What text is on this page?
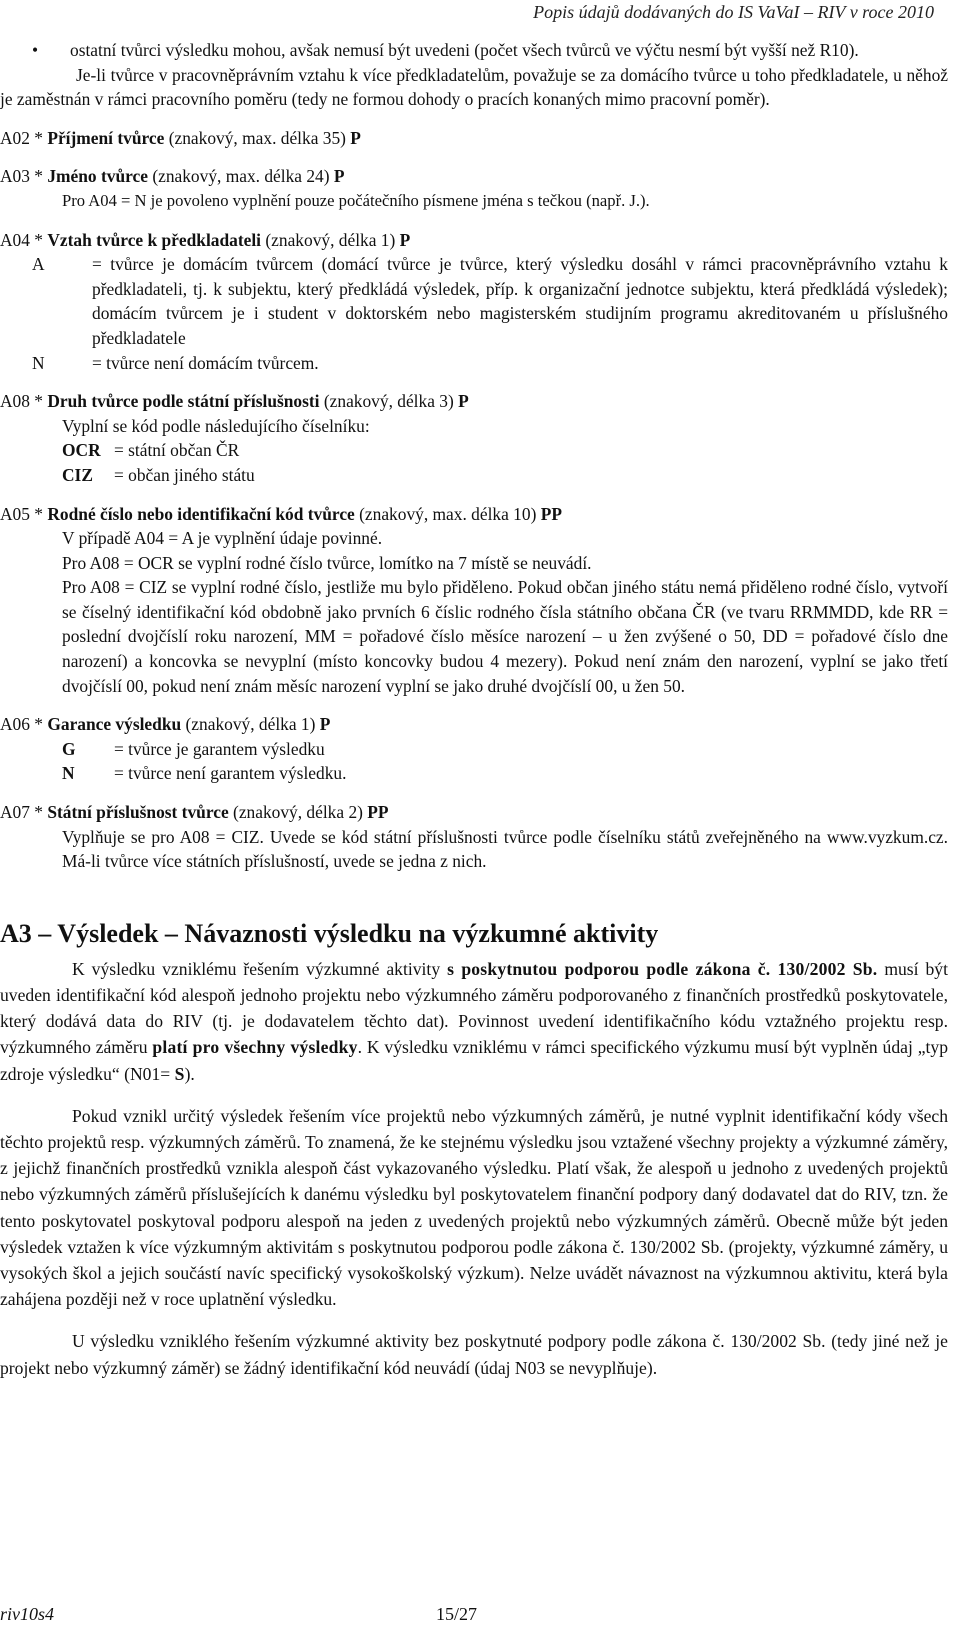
Popis údajů dodávaných do IS VaVaI – RIV v roce 2010
•	ostatní tvůrci výsledku mohou, avšak nemusí být uvedeni (počet všech tvůrců ve výčtu nesmí být vyšší než R10).

Je-li tvůrce v pracovněprávním vztahu k více předkladatelům, považuje se za domácího tvůrce u toho předkladatele, u něhož je zaměstnán v rámci pracovního poměru (tedy ne formou dohody o pracích konaných mimo pracovní poměr).

A02 * Příjmení tvůrce (znakový, max. délka 35) P

A03 * Jméno tvůrce (znakový, max. délka 24) P

Pro A04 = N je povoleno vyplnění pouze počátečního písmene jména s tečkou (např. J.).

A04 * Vztah tvůrce k předkladateli (znakový, délka 1) P

A	= tvůrce je domácím tvůrcem (domácí tvůrce je tvůrce, který výsledku dosáhl v rámci pracovněprávního vztahu k předkladateli, tj. k subjektu, který předkládá výsledek, příp. k organizační jednotce subjektu, která předkládá výsledek); domácím tvůrcem je i student v doktorském nebo magisterském studijním programu akreditovaném u příslušného předkladatele
N	= tvůrce není domácím tvůrcem.

A08 * Druh tvůrce podle státní příslušnosti (znakový, délka 3) P

Vyplní se kód podle následujícího číselníku:

OCR = státní občan ČR
CIZ	= občan jiného státu

A05 * Rodné číslo nebo identifikační kód tvůrce (znakový, max. délka 10) PP

V případě A04 = A je vyplnění údaje povinné.

Pro A08 = OCR se vyplní rodné číslo tvůrce, lomítko na 7 místě se neuvádí.

Pro A08 = CIZ se vyplní rodné číslo, jestliže mu bylo přiděleno. Pokud občan jiného státu nemá přiděleno rodné číslo, vytvoří se číselný identifikační kód obdobně jako prvních 6 číslic rodného čísla státního občana ČR (ve tvaru RRMMDD, kde RR = poslední dvojčíslí roku narození, MM = pořadové číslo měsíce narození – u žen zvýšené o 50, DD = pořadové číslo dne narození) a koncovka se nevyplní (místo koncovky budou 4 mezery). Pokud není znám den narození, vyplní se jako třetí dvojčíslí 00, pokud není znám měsíc narození vyplní se jako druhé dvojčíslí 00, u žen 50.

A06 * Garance výsledku (znakový, délka 1) P

G	= tvůrce je garantem výsledku
N	= tvůrce není garantem výsledku.

A07 * Státní příslušnost tvůrce (znakový, délka 2) PP

Vyplňuje se pro A08 = CIZ. Uvede se kód státní příslušnosti tvůrce podle číselníku států zveřejněného na www.vyzkum.cz. Má-li tvůrce více státních příslušností, uvede se jedna z nich.

A3 – Výsledek – Návaznosti výsledku na výzkumné aktivity

K výsledku vzniklému řešením výzkumné aktivity s poskytnutou podporou podle zákona č. 130/2002 Sb. musí být uveden identifikační kód alespoň jednoho projektu nebo výzkumného záměru podporovaného z finančních prostředků poskytovatele, který dodává data do RIV (tj. je dodavatelem těchto dat). Povinnost uvedení identifikačního kódu vztažného projektu resp. výzkumného záměru platí pro všechny výsledky. K výsledku vzniklému v rámci specifického výzkumu musí být vyplněn údaj „typ zdroje výsledku“ (N01= S).

Pokud vznikl určitý výsledek řešením více projektů nebo výzkumných záměrů, je nutné vyplnit identifikační kódy všech těchto projektů resp. výzkumných záměrů. To znamená, že ke stejnému výsledku jsou vztažené všechny projekty a výzkumné záměry, z jejichž finančních prostředků vznikla alespoň část vykazovaného výsledku. Platí však, že alespoň u jednoho z uvedených projektů nebo výzkumných záměrů příslušejících k danému výsledku byl poskytovatelem finanční podpory daný dodavatel dat do RIV, tzn. že tento poskytovatel poskytoval podporu alespoň na jeden z uvedených projektů nebo výzkumných záměrů. Obecně může být jeden výsledek vztažen k více výzkumným aktivitám s poskytnutou podporou podle zákona č. 130/2002 Sb. (projekty, výzkumné záměry, u vysokých škol a jejich součástí navíc specifický vysokoškolský výzkum). Nelze uvádět návaznost na výzkumnou aktivitu, která byla zahájena později než v roce uplatnění výsledku.

U výsledku vzniklého řešením výzkumné aktivity bez poskytnuté podpory podle zákona č. 130/2002 Sb. (tedy jiné než je projekt nebo výzkumný záměr) se žádný identifikační kód neuvádí (údaj N03 se nevyplňuje).

riv10s4	15/27
